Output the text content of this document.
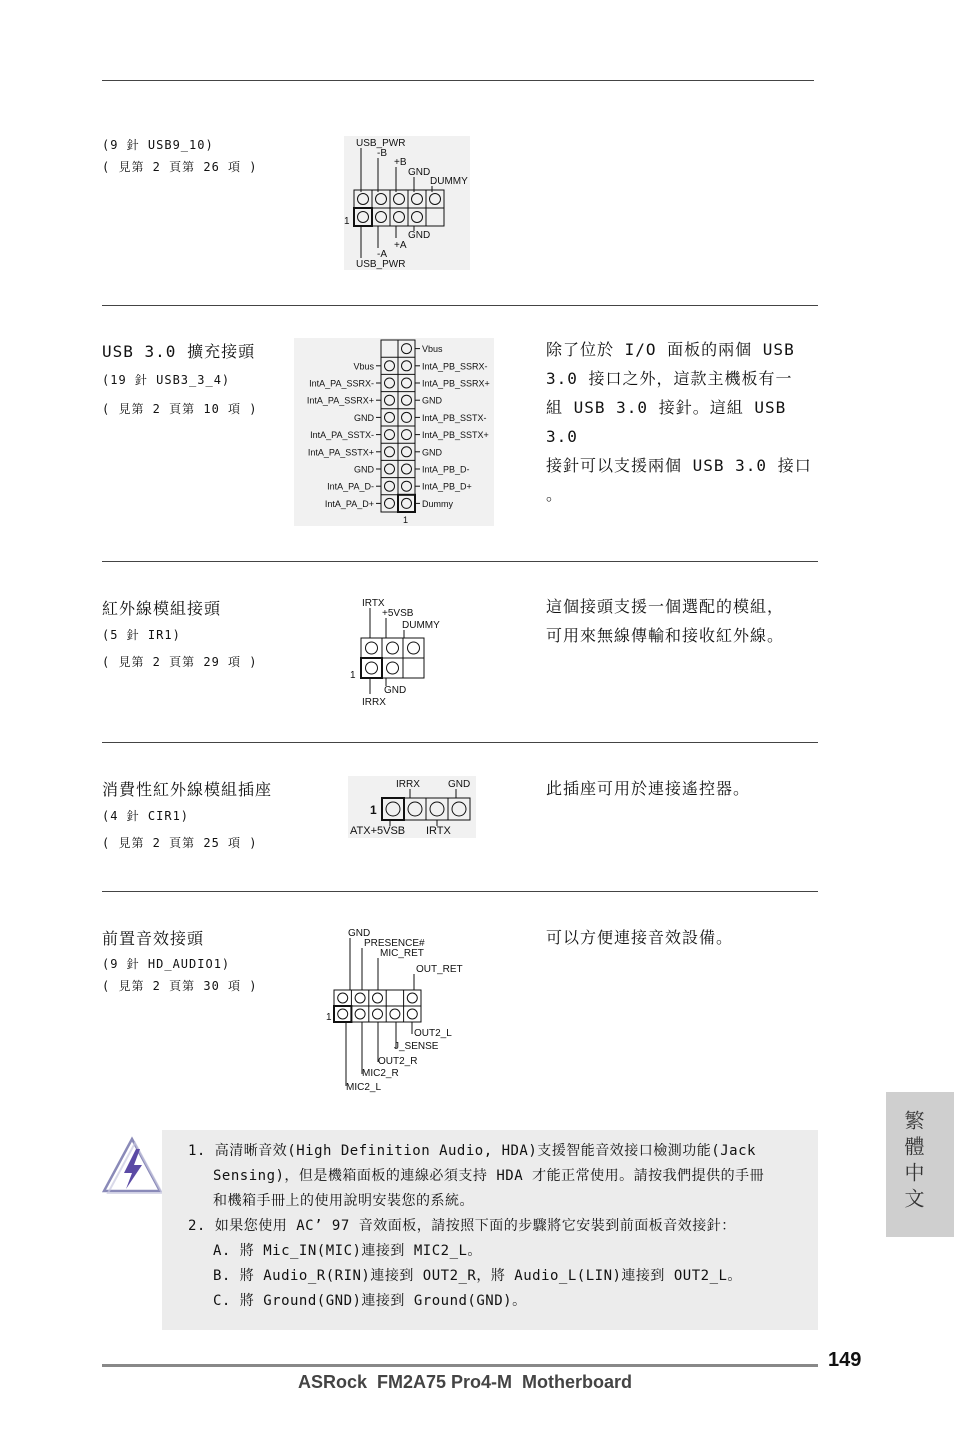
(9 針 USB9_10)
( 見第 2 頁第 26 項 )
USB_PWR
-B
+B
GND
DUMMY
1
GND
+A
-A
USB_PWR
USB 3.0 擴充接頭
(19 針 USB3_3_4)
( 見第 2 頁第 10 項 )
Vbus
IntA_PB_SSRX-
Vbus
IntA_PB_SSRX+
IntA_PA_SSRX-
GND
IntA_PA_SSRX+
IntA_PB_SSTX-
GND
IntA_PB_SSTX+
IntA_PA_SSTX-
GND
IntA_PA_SSTX+
IntA_PB_D-
GND
IntA_PB_D+
IntA_PA_D-
Dummy
IntA_PA_D+
1
除了位於 I/O 面板的兩個 USB
3.0 接口之外，這款主機板有一
組 USB 3.0 接針。這組 USB 3.0
接針可以支援兩個 USB 3.0 接口
。
紅外線模組接頭
(5 針 IR1)
( 見第 2 頁第 29 項 )
IRTX
+5VSB
DUMMY
1
GND
IRRX
這個接頭支援一個選配的模組，
可用來無線傳輸和接收紅外線。
消費性紅外線模組插座
(4 針 CIR1)
( 見第 2 頁第 25 項 )
IRRX	GND
1
ATX+5VSB IRTX
此插座可用於連接遙控器。
前置音效接頭
(9 針 HD_AUDIO1)
( 見第 2 頁第 30 項 )
GND
PRESENCE#
MIC_RET
OUT_RET
1
OUT2_L
J_SENSE
OUT2_R
MIC2_R
MIC2_L
可以方便連接音效設備。
1. 高清晰音效(High Definition Audio, HDA)支援智能音效接口檢測功能(Jack
Sensing)，但是機箱面板的連線必須支持 HDA 才能正常使用。請按我們提供的手冊
和機箱手冊上的使用說明安裝您的系統。
2. 如果您使用 AC’ 97 音效面板，請按照下面的步驟將它安裝到前面板音效接針：
A. 將 Mic_IN(MIC)連接到 MIC2_L。
B. 將 Audio_R(RIN)連接到 OUT2_R，將 Audio_L(LIN)連接到 OUT2_L。
C. 將 Ground(GND)連接到 Ground(GND)。
繁體中文
149
ASRock  FM2A75 Pro4-M  Motherboard
